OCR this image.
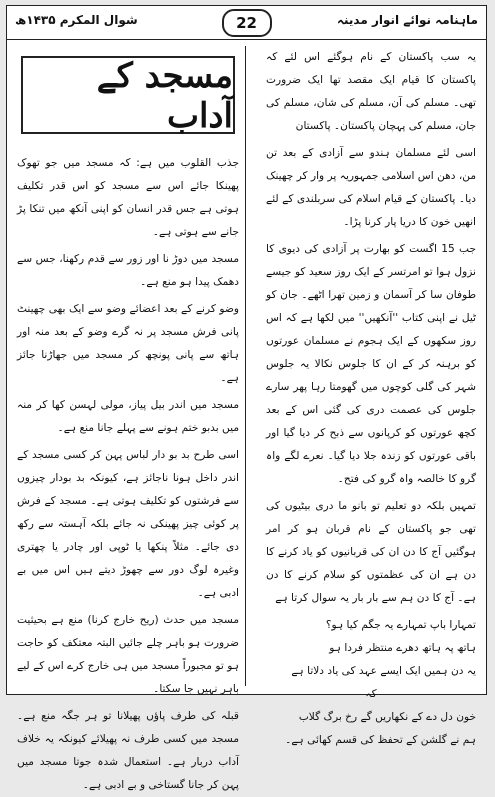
ماہنامہ نوائے انوار مدینہ
22
شوال المکرم ۱۴۳۵ھ

یہ سب پاکستان کے نام ہوگئے اس لئے کہ پاکستان کا قیام ایک مقصد تھا ایک ضرورت تھی۔ مسلم کی آن، مسلم کی شان، مسلم کی جان، مسلم کی پہچان پاکستان۔ پاکستان

اسی لئے مسلمان ہندو سے آزادی کے بعد تن من، دھن اس اسلامی جمہوریہ پر وار کر چھینک دیا۔ پاکستان کے قیام اسلام کی سربلندی کے لئے انھیں خون کا دریا پار کرنا پڑا۔

جب 15 اگست کو بھارت پر آزادی کی دیوی کا نزول ہوا تو امرتسر کے ایک روز سعید کو جیسے طوفان سا کر آسمان و زمین تھرا اٹھے۔ جان کو ٹیل نے اپنی کتاب ''آنکھیں'' میں لکھا ہے کہ اس روز سکھوں کے ایک ہجوم نے مسلمان عورتوں کو برہنہ کر کے ان کا جلوس نکالا یہ جلوس شہر کی گلی کوچوں میں گھومتا رہا پھر سارے جلوس کی عصمت دری کی گئی اس کے بعد کچھ عورتوں کو کرپانوں سے ذبح کر دیا گیا اور باقی عورتوں کو زندہ جلا دیا گیا۔ نعرے لگے واہ گرو کا خالصہ واہ گرو کی فتح۔

تمہیں بلکہ دو تعلیم تو بانو ما دری بیٹیوں کی تھی جو پاکستان کے نام قربان ہو کر امر ہوگئیں آج کا دن ان کی قربانیوں کو یاد کرنے کا دن ہے ان کی عظمتوں کو سلام کرنے کا دن ہے۔ آج کا دن ہم سے بار بار یہ سوال کرتا ہے

تمہارا باپ تمہارے یہ جگم کیا ہو؟

ہاتھ پہ ہاتھ دھرے منتظر فردا ہو

یہ دن ہمیں ایک ایسے عہد کی یاد دلاتا ہے

کہ

خون دل دے کے نکھاریں گے رخ برگ گلاب

ہم نے گلشن کے تحفظ کی قسم کھائی ہے۔

مسجد کے آداب

جذب القلوب میں ہے: کہ مسجد میں جو تھوک پھینکا جائے اس سے مسجد کو اس قدر تکلیف ہوتی ہے جس قدر انسان کو اپنی آنکھ میں تنکا پڑ جانے سے ہوتی ہے۔

مسجد میں دوڑ نا اور زور سے قدم رکھنا، جس سے دھمک پیدا ہو منع ہے۔

وضو کرنے کے بعد اعضائے وضو سے ایک بھی چھینٹ پانی فرش مسجد پر نہ گرے وضو کے بعد منہ اور ہاتھ سے پانی پونچھ کر مسجد میں جھاڑنا جائز ہے۔

مسجد میں اندر بیل پیاز، مولی لہسن کھا کر منہ میں بدبو ختم ہونے سے پہلے جانا منع ہے۔

اسی طرح بد بو دار لباس پہن کر کسی مسجد کے اندر داخل ہونا ناجائز ہے، کیونکہ بد بودار چیزوں سے فرشتوں کو تکلیف ہوتی ہے۔ مسجد کے فرش پر کوئی چیز پھینکی نہ جائے بلکہ آہستہ سے رکھ دی جائے۔ مثلاً پنکھا یا ٹوپی اور چادر یا چھتری وغیرہ لوگ دور سے چھوڑ دیتے ہیں اس میں بے ادبی ہے۔

مسجد میں حدث (ریح خارج کرنا) منع ہے بحیثیت ضرورت ہو باہر چلے جائیں البتہ معتکف کو حاجت ہو تو مجبوراً مسجد میں ہی خارج کرے اس کے لیے باہر نہیں جا سکتا۔

قبلہ کی طرف پاؤں پھیلانا تو ہر جگہ منع ہے۔ مسجد میں کسی طرف نہ پھیلائے کیونکہ یہ خلاف آداب دربار ہے۔ استعمال شدہ جوتا مسجد میں پہن کر جانا گستاخی و بے ادبی ہے۔
